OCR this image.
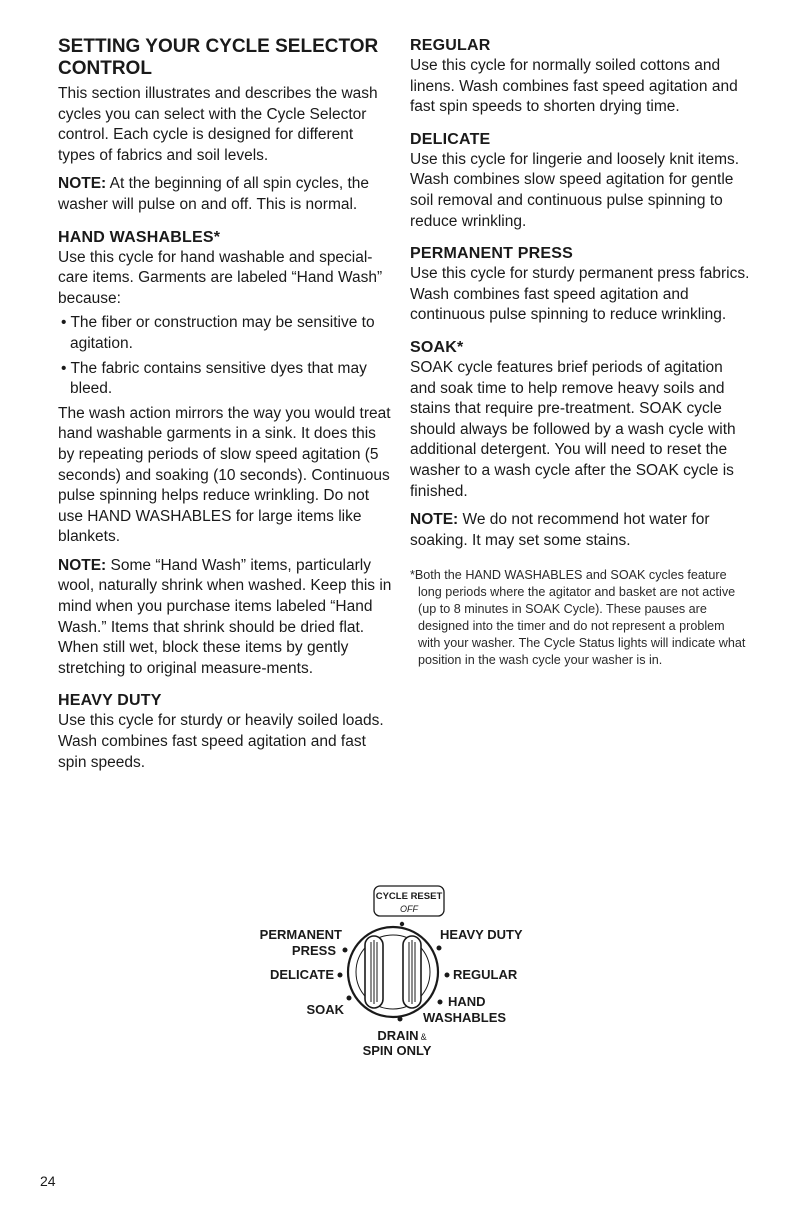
SETTING YOUR CYCLE SELECTOR CONTROL

This section illustrates and describes the wash cycles you can select with the Cycle Selector control. Each cycle is designed for different types of fabrics and soil levels.

NOTE: At the beginning of all spin cycles, the washer will pulse on and off. This is normal.

HAND WASHABLES*

Use this cycle for hand washable and special-care items. Garments are labeled “Hand Wash” because:

• The fiber or construction may be sensitive to agitation.
• The fabric contains sensitive dyes that may bleed.

The wash action mirrors the way you would treat hand washable garments in a sink. It does this by repeating periods of slow speed agitation (5 seconds) and soaking (10 seconds). Continuous pulse spinning helps reduce wrinkling. Do not use HAND WASHABLES for large items like blankets.

NOTE: Some “Hand Wash” items, particularly wool, naturally shrink when washed. Keep this in mind when you purchase items labeled “Hand Wash.” Items that shrink should be dried flat. When still wet, block these items by gently stretching to original measure-ments.

HEAVY DUTY

Use this cycle for sturdy or heavily soiled loads. Wash combines fast speed agitation and fast spin speeds.

REGULAR

Use this cycle for normally soiled cottons and linens. Wash combines fast speed agitation and fast spin speeds to shorten drying time.

DELICATE

Use this cycle for lingerie and loosely knit items. Wash combines slow speed agitation for gentle soil removal and continuous pulse spinning to reduce wrinkling.

PERMANENT PRESS

Use this cycle for sturdy permanent press fabrics. Wash combines fast speed agitation and continuous pulse spinning to reduce wrinkling.

SOAK*

SOAK cycle features brief periods of agitation and soak time to help remove heavy soils and stains that require pre-treatment. SOAK cycle should always be followed by a wash cycle with additional detergent. You will need to reset the washer to a wash cycle after the SOAK cycle is finished.

NOTE: We do not recommend hot water for soaking. It may set some stains.

*Both the HAND WASHABLES and SOAK cycles feature long periods where the agitator and basket are not active (up to 8 minutes in SOAK Cycle). These pauses are designed into the timer and do not represent a problem with your washer. The Cycle Status lights will indicate what position in the wash cycle your washer is in.

CYCLE RESET
OFF
PERMANENT
PRESS
HEAVY DUTY
DELICATE	REGULAR
SOAK
HAND
WASHABLES
DRAIN &
SPIN ONLY
24
